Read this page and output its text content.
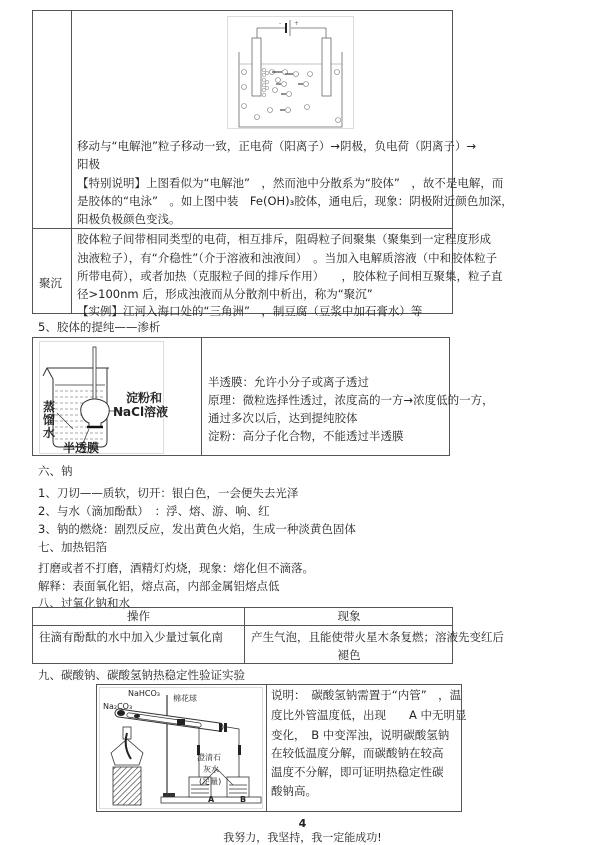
聚沉
- +
移动与“电解池”粒子移动一致，正电荷（阳离子）→阴极，负电荷（阴离子）→
阳极
【特别说明】上图看似为“电解池”　，然而池中分散系为“胶体”　，故不是电解，而
是胶体的“电泳”　。如上图中装　Fe(OH)₃胶体，通电后，现象：阴极附近颜色加深，
阳极负极颜色变浅。
胶体粒子间带相同类型的电荷，相互排斥，阻碍粒子间聚集（聚集到一定程度形成
浊液粒子），有“介稳性”（介于溶液和浊液间）　。当加入电解质溶液（中和胶体粒子
所带电荷），或者加热（克服粒子间的排斥作用）　　，胶体粒子间相互聚集，粒子直
径>100nm 后，形成浊液而从分散剂中析出，称为“聚沉”
【实例】江河入海口处的“三角洲”　，制豆腐（豆浆中加石膏水）等
5、胶体的提纯——渗析
蒸馏水
淀粉和
NaCl溶液
半透膜
半透膜：允许小分子或离子透过
原理：微粒选择性透过，浓度高的一方→浓度低的一方，
通过多次以后，达到提纯胶体
淀粉：高分子化合物，不能透过半透膜
六、钠
1、刀切——质软，切开：银白色，一会便失去光泽
2、与水（滴加酚酞）　：浮、熔、游、响、红
3、钠的燃烧：剧烈反应，发出黄色火焰，生成一种淡黄色固体
七、加热铝箔
打磨或者不打磨，酒精灯灼烧，现象：熔化但不滴落。
解释：表面氧化铝，熔点高，内部金属铝熔点低
八、过氧化钠和水
操作	现象
往滴有酚酞的水中加入少量过氧化南 产生气泡，且能使带火星木条复燃；溶液先变红后
褪色
九、碳酸钠、碳酸氢钠热稳定性验证实验
Na₂CO₃
NaHCO₃
棉花球
澄清石
灰水
(足量)
A	B
说明：　碳酸氢钠需置于“内管”　，温
度比外管温度低，出现　　A 中无明显
变化，　B 中变浑浊，说明碳酸氢钠
在较低温度分解，而碳酸钠在较高
温度不分解，即可证明热稳定性碳
酸钠高。
4
我努力，我坚持，我一定能成功!
